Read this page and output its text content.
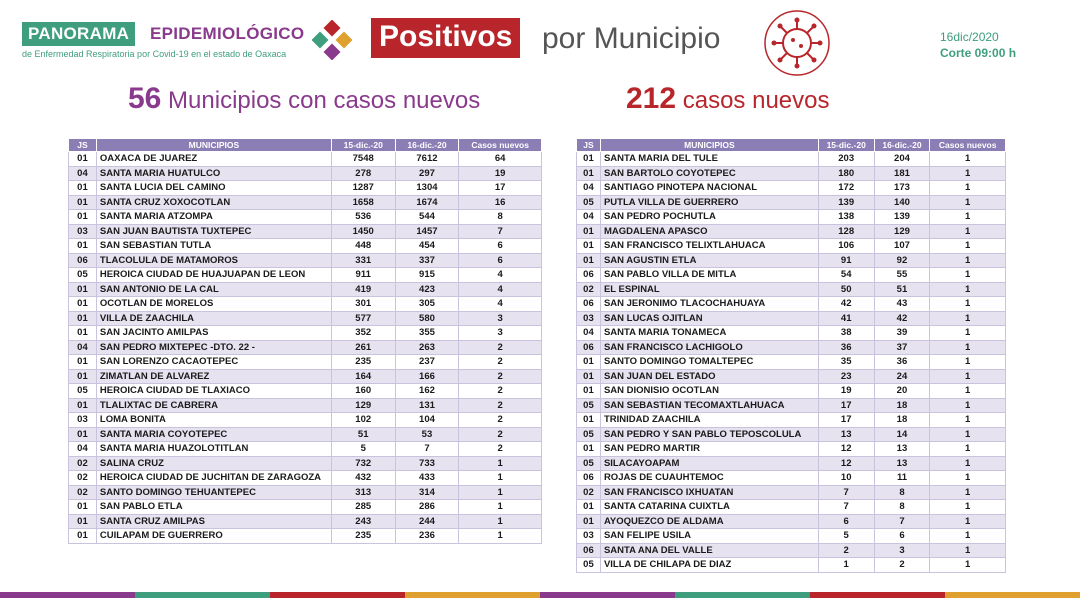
PANORAMA	EPIDEMIOLÓGICO
de Enfermedad Respiratoria por Covid-19 en el estado de Oaxaca
Positivos por Municipio	16dic/2020
Corte 09:00 h
56 Municipios con casos nuevos	212 casos nuevos
JS	MUNICIPIOS	15-dic.-20	16-dic.-20	Casos nuevos
01	OAXACA DE JUAREZ	7548	7612	64
04	SANTA MARIA HUATULCO	278	297	19
01	SANTA LUCIA DEL CAMINO	1287	1304	17
01	SANTA CRUZ XOXOCOTLAN	1658	1674	16
01	SANTA MARIA ATZOMPA	536	544	8
03	SAN JUAN BAUTISTA TUXTEPEC	1450	1457	7
01	SAN SEBASTIAN TUTLA	448	454	6
06	TLACOLULA DE MATAMOROS	331	337	6
05	HEROICA CIUDAD DE HUAJUAPAN DE LEON	911	915	4
01	SAN ANTONIO DE LA CAL	419	423	4
01	OCOTLAN DE MORELOS	301	305	4
01	VILLA DE ZAACHILA	577	580	3
01	SAN JACINTO AMILPAS	352	355	3
04	SAN PEDRO MIXTEPEC -DTO. 22 -	261	263	2
01	SAN LORENZO CACAOTEPEC	235	237	2
01	ZIMATLAN DE ALVAREZ	164	166	2
05	HEROICA CIUDAD DE TLAXIACO	160	162	2
01	TLALIXTAC DE CABRERA	129	131	2
03	LOMA BONITA	102	104	2
01	SANTA MARIA COYOTEPEC	51	53	2
04	SANTA MARIA HUAZOLOTITLAN	5	7	2
02	SALINA CRUZ	732	733	1
02	HEROICA CIUDAD DE JUCHITAN DE ZARAGOZA	432	433	1
02	SANTO DOMINGO TEHUANTEPEC	313	314	1
01	SAN PABLO ETLA	285	286	1
01	SANTA CRUZ AMILPAS	243	244	1
01	CUILAPAM DE GUERRERO	235	236	1
JS	MUNICIPIOS	15-dic.-20	16-dic.-20	Casos nuevos
01	SANTA MARIA DEL TULE	203	204	1
01	SAN BARTOLO COYOTEPEC	180	181	1
04	SANTIAGO PINOTEPA NACIONAL	172	173	1
05	PUTLA VILLA DE GUERRERO	139	140	1
04	SAN PEDRO POCHUTLA	138	139	1
01	MAGDALENA APASCO	128	129	1
01	SAN FRANCISCO TELIXTLAHUACA	106	107	1
01	SAN AGUSTIN ETLA	91	92	1
06	SAN PABLO VILLA DE MITLA	54	55	1
02	EL ESPINAL	50	51	1
06	SAN JERONIMO TLACOCHAHUAYA	42	43	1
03	SAN LUCAS OJITLAN	41	42	1
04	SANTA MARIA TONAMECA	38	39	1
06	SAN FRANCISCO LACHIGOLO	36	37	1
01	SANTO DOMINGO TOMALTEPEC	35	36	1
01	SAN JUAN DEL ESTADO	23	24	1
01	SAN DIONISIO OCOTLAN	19	20	1
05	SAN SEBASTIAN TECOMAXTLAHUACA	17	18	1
01	TRINIDAD ZAACHILA	17	18	1
05	SAN PEDRO Y SAN PABLO TEPOSCOLULA	13	14	1
01	SAN PEDRO MARTIR	12	13	1
05	SILACAYOAPAM	12	13	1
06	ROJAS DE CUAUHTEMOC	10	11	1
02	SAN FRANCISCO IXHUATAN	7	8	1
01	SANTA CATARINA CUIXTLA	7	8	1
01	AYOQUEZCO DE ALDAMA	6	7	1
03	SAN FELIPE USILA	5	6	1
06	SANTA ANA DEL VALLE	2	3	1
05	VILLA DE CHILAPA DE DIAZ	1	2	1
